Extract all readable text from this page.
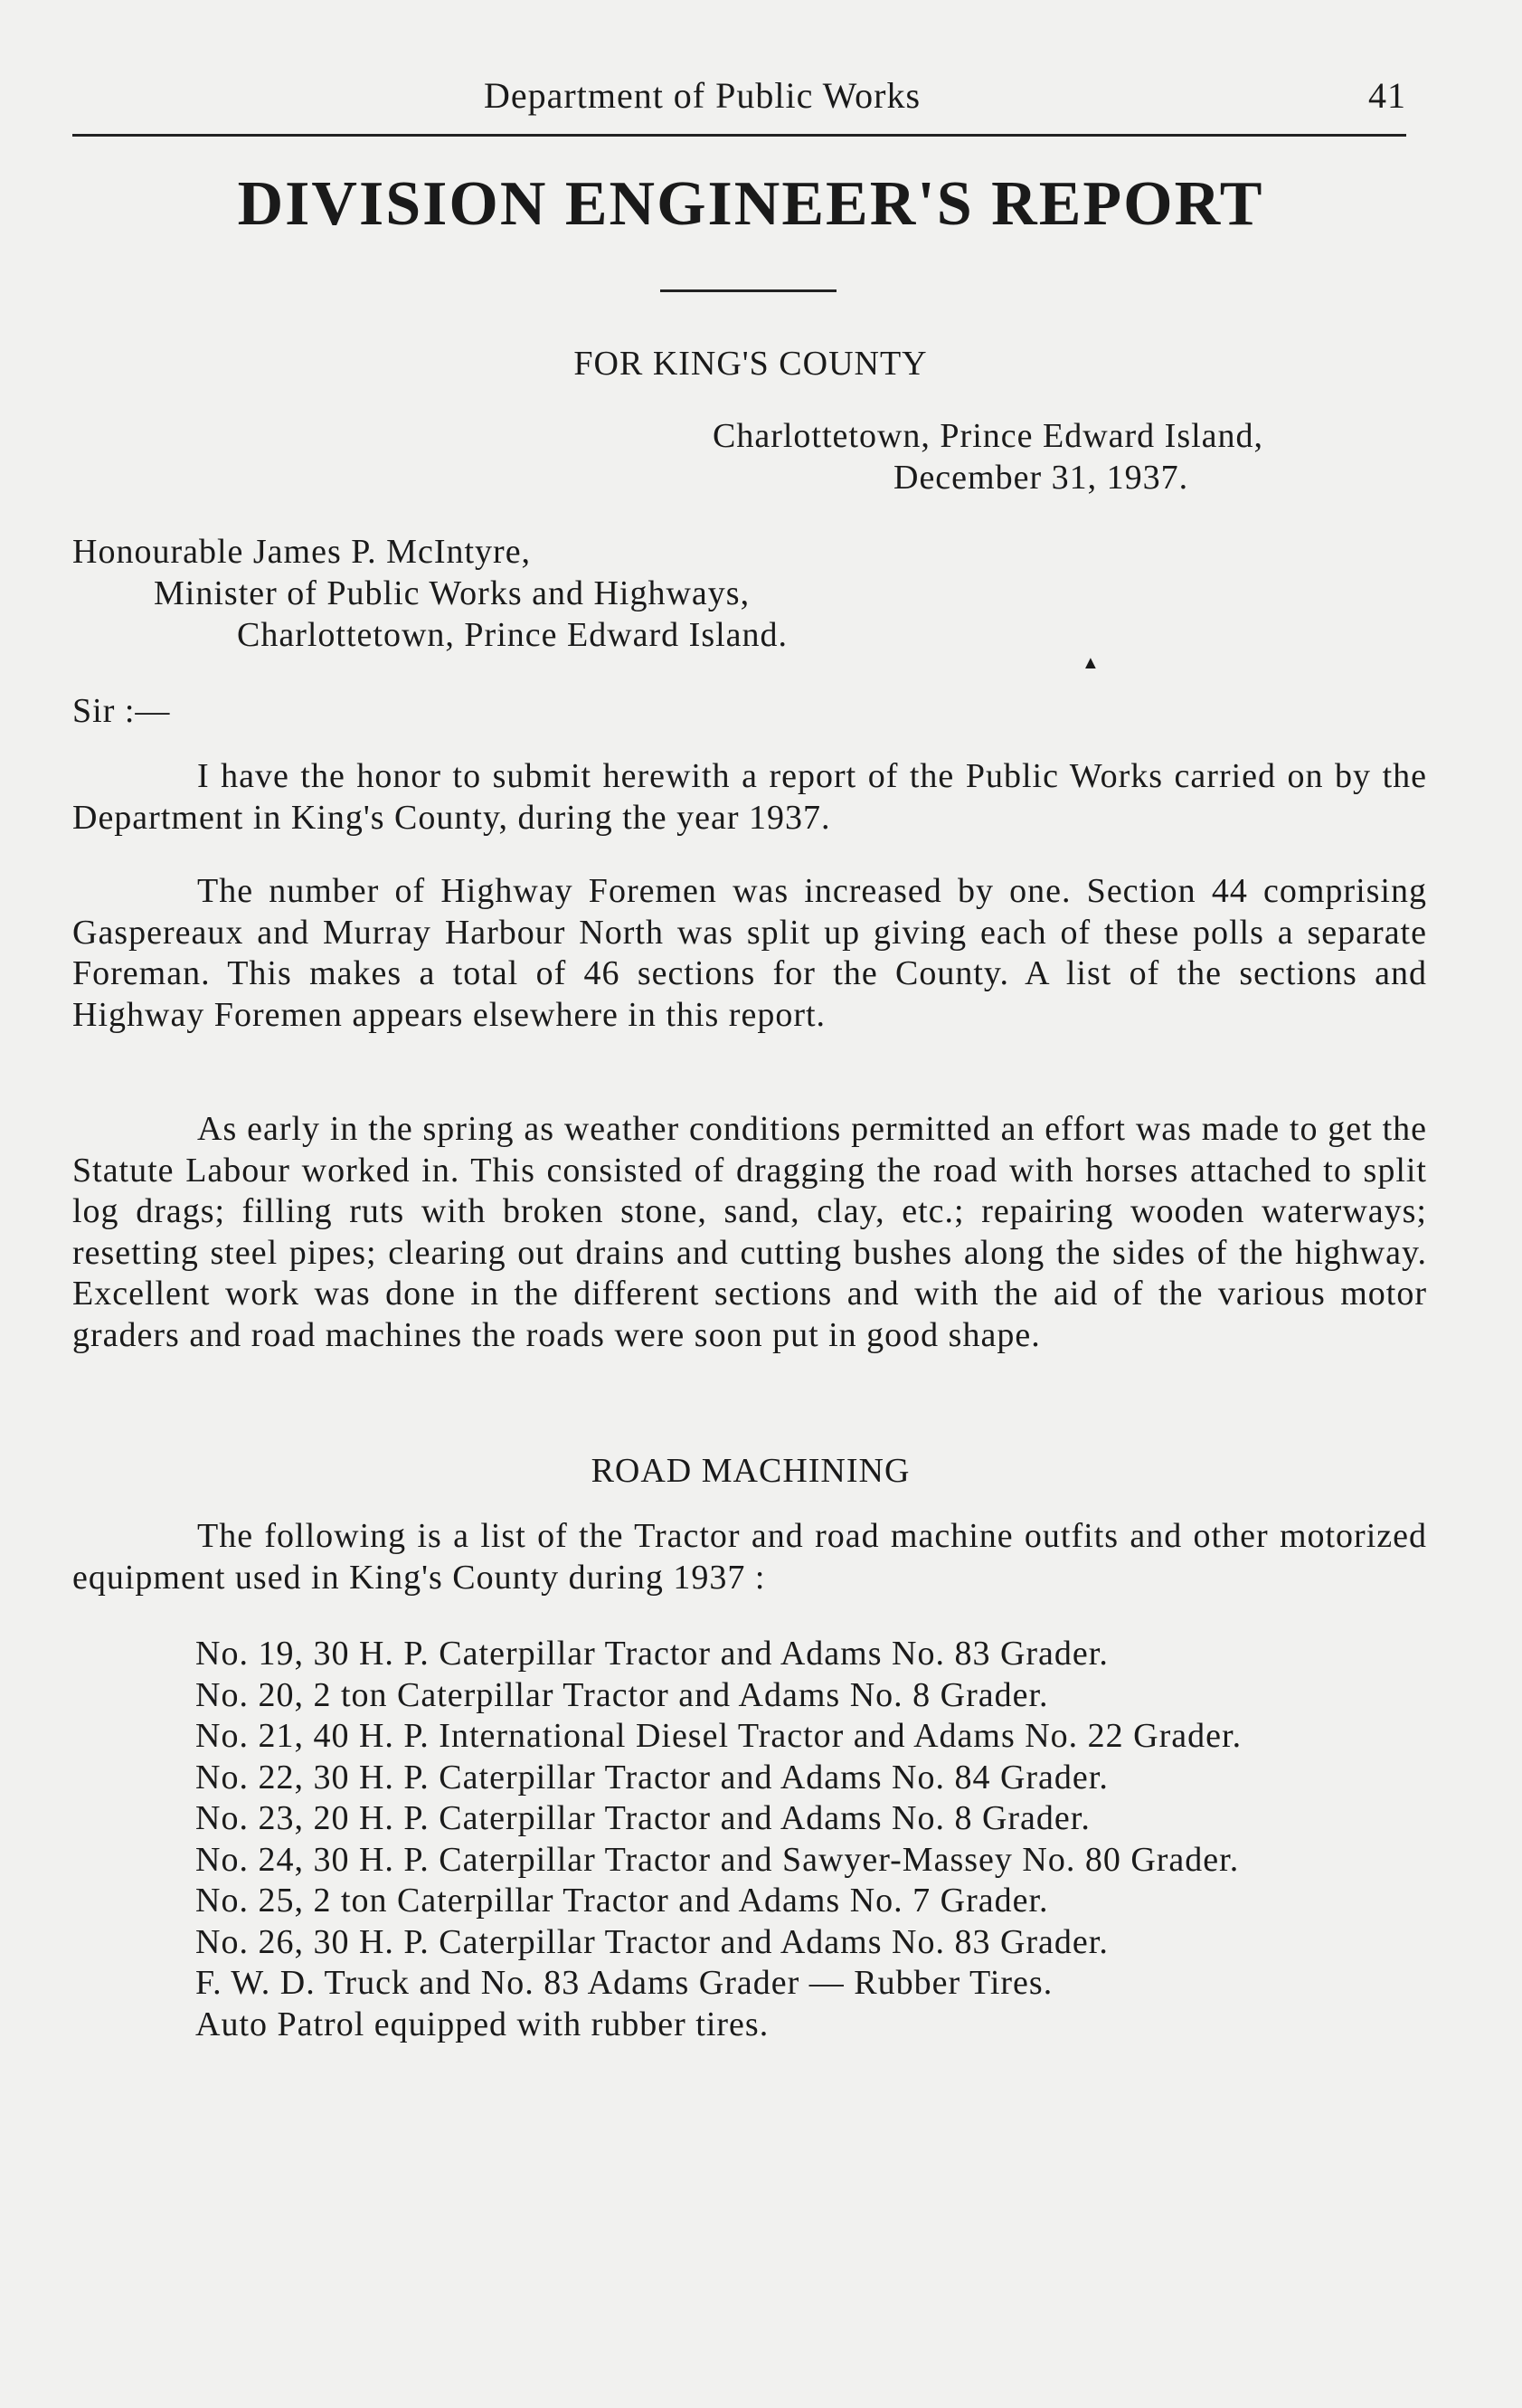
Department of Public Works	41
DIVISION ENGINEER'S REPORT
FOR KING'S COUNTY
Charlottetown, Prince Edward Island,
December 31, 1937.
Honourable James P. McIntyre,
Minister of Public Works and Highways,
Charlottetown, Prince Edward Island.
▲
Sir :—

I have the honor to submit herewith a report of the Public Works carried on by the Department in King's County, during the year 1937.

The number of Highway Foremen was increased by one. Section 44 comprising Gaspereaux and Murray Harbour North was split up giving each of these polls a separate Foreman. This makes a total of 46 sections for the County. A list of the sections and Highway Foremen appears elsewhere in this report.

As early in the spring as weather conditions permitted an effort was made to get the Statute Labour worked in. This consisted of dragging the road with horses attached to split log drags; filling ruts with broken stone, sand, clay, etc.; repairing wooden waterways; resetting steel pipes; clearing out drains and cutting bushes along the sides of the highway. Excellent work was done in the different sections and with the aid of the various motor graders and road machines the roads were soon put in good shape.

ROAD MACHINING

The following is a list of the Tractor and road machine outfits and other motorized equipment used in King's County during 1937 :

No. 19, 30 H. P. Caterpillar Tractor and Adams No. 83 Grader.
No. 20, 2 ton Caterpillar Tractor and Adams No. 8 Grader.
No. 21, 40 H. P. International Diesel Tractor and Adams No. 22 Grader.
No. 22, 30 H. P. Caterpillar Tractor and Adams No. 84 Grader.
No. 23, 20 H. P. Caterpillar Tractor and Adams No. 8 Grader.
No. 24, 30 H. P. Caterpillar Tractor and Sawyer-Massey No. 80 Grader.
No. 25, 2 ton Caterpillar Tractor and Adams No. 7 Grader.
No. 26, 30 H. P. Caterpillar Tractor and Adams No. 83 Grader.
F. W. D. Truck and No. 83 Adams Grader — Rubber Tires.
Auto Patrol equipped with rubber tires.
